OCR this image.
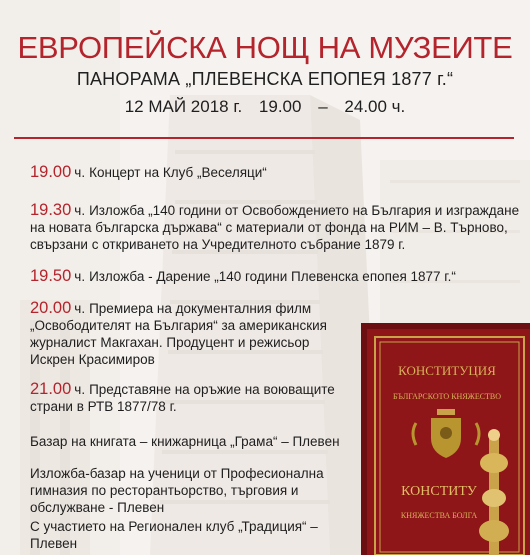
ЕВРОПЕЙСКА НОЩ НА МУЗЕИТЕ
ПАНОРАМА „ПЛЕВЕНСКА ЕПОПЕЯ 1877 г.“
12 МАЙ 2018 г. 19.00 – 24.00 ч.
19.00 ч. Концерт на Клуб „Веселяци“
19.30 ч. Изложба „140 години от Освобождението на България и изграждане на новата българска държава“ с материали от фонда на РИМ – В. Търново, свързани с откриването на Учредителното събрание 1879 г.
19.50 ч. Изложба - Дарение „140 години Плевенска епопея 1877 г.“
20.00 ч. Премиера на документалния филм „Освободителят на България“ за американския журналист Макгахан. Продуцент и режисьор Искрен Красимиров
21.00 ч. Представяне на оръжие на воюващите страни в РТВ 1877/78 г.
Базар на книгата – книжарница „Грама“ – Плевен
Изложба-базар на ученици от Професионална гимназия по ресторантьорство, търговия и обслужване - Плевен
С участието на Регионален клуб „Традиция“ – Плевен
КОНСТИТУЦИЯ
БЪЛГАРСКОТО КНЯЖЕСТВО
КОНСТИТУ
КНЯЖЕСТВА БОЛГА
